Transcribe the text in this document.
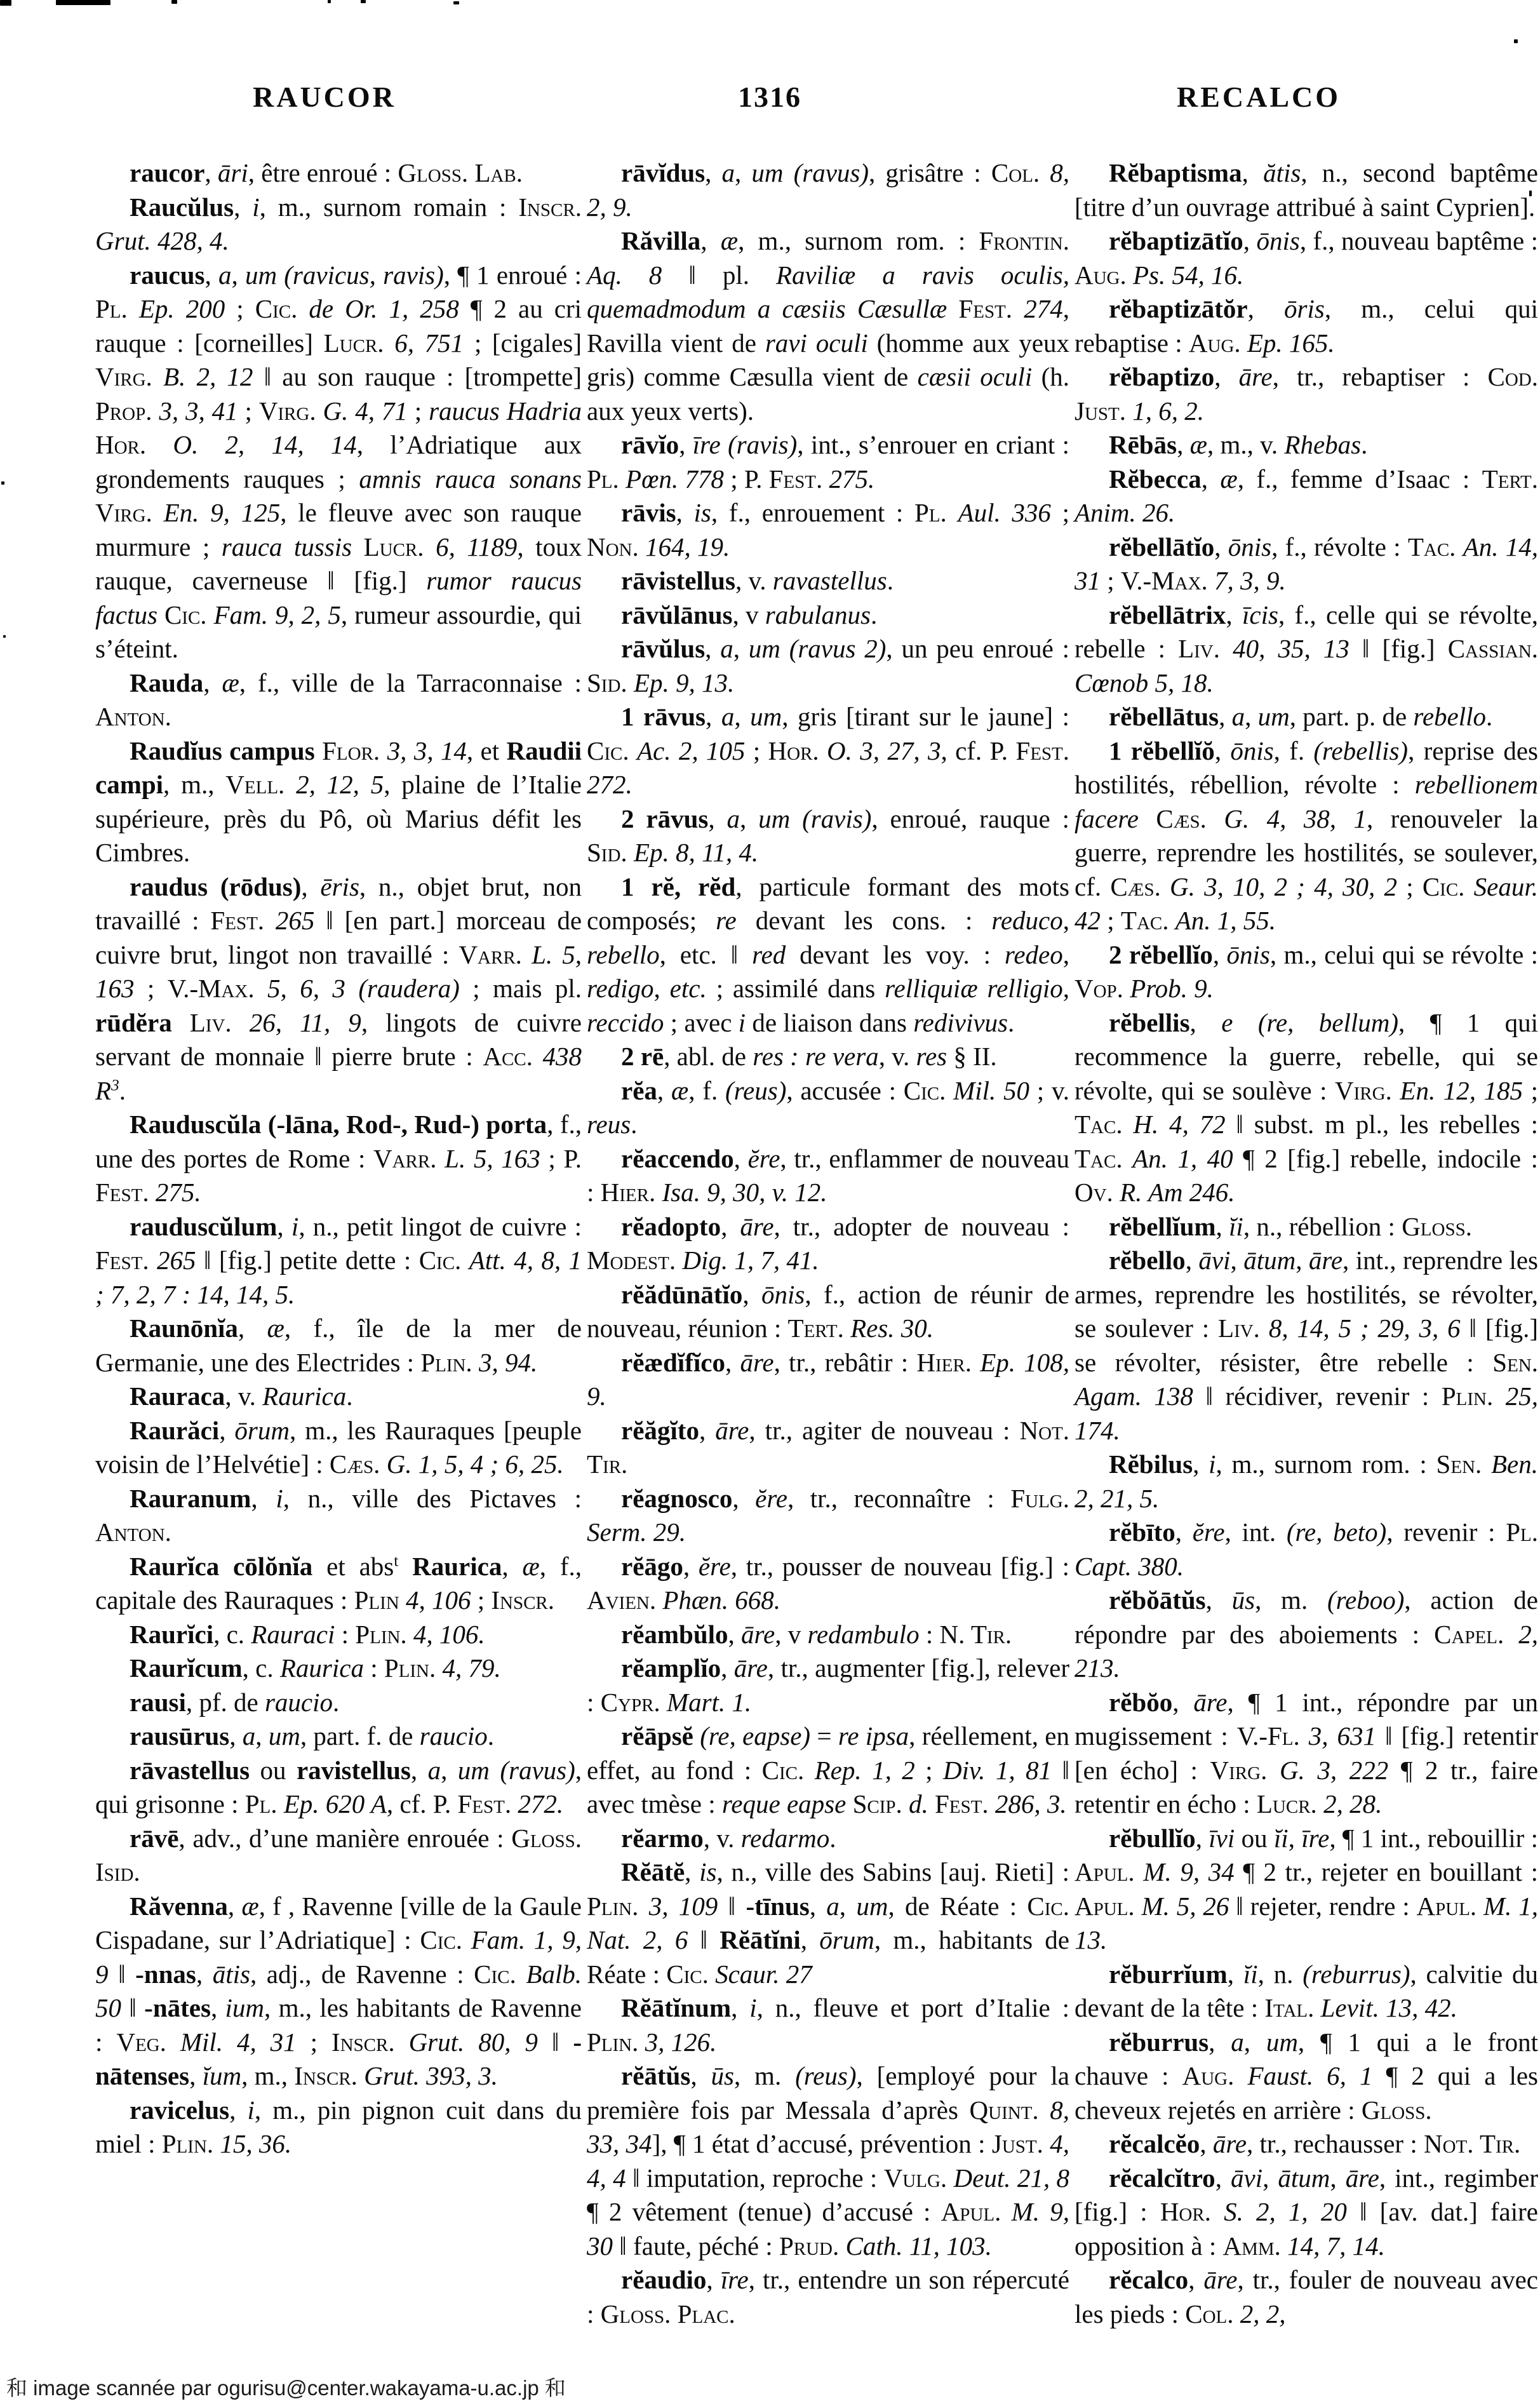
RAUCOR	1316	RECALCO

raucor, āri, être enroué : Gloss. Lab.

Raucŭlus, i, m., surnom romain : Inscr. Grut. 428, 4.

raucus, a, um (ravicus, ravis), ¶ 1 enroué : Pl. Ep. 200 ; Cic. de Or. 1, 258 ¶ 2 au cri rauque : [corneilles] Lucr. 6, 751 ; [cigales] Virg. B. 2, 12 ‖ au son rauque : [trompette] Prop. 3, 3, 41 ; Virg. G. 4, 71 ; raucus Hadria Hor. O. 2, 14, 14, l’Adriatique aux grondements rauques ; amnis rauca sonans Virg. En. 9, 125, le fleuve avec son rauque murmure ; rauca tussis Lucr. 6, 1189, toux rauque, caverneuse ‖ [fig.] rumor raucus factus Cic. Fam. 9, 2, 5, rumeur assourdie, qui s’éteint.

Rauda, æ, f., ville de la Tarraconnaise : Anton.

Raudĭus campus Flor. 3, 3, 14, et Raudii campi, m., Vell. 2, 12, 5, plaine de l’Italie supérieure, près du Pô, où Marius défit les Cimbres.

raudus (rōdus), ēris, n., objet brut, non travaillé : Fest. 265 ‖ [en part.] morceau de cuivre brut, lingot non travaillé : Varr. L. 5, 163 ; V.-Max. 5, 6, 3 (raudera) ; mais pl. rūdĕra Liv. 26, 11, 9, lingots de cuivre servant de monnaie ‖ pierre brute : Acc. 438 $R^3$.

Rauduscŭla (-lāna, Rod-, Rud-) porta, f., une des portes de Rome : Varr. L. 5, 163 ; P. Fest. 275.

rauduscŭlum, i, n., petit lingot de cuivre : Fest. 265 ‖ [fig.] petite dette : Cic. Att. 4, 8, 1 ; 7, 2, 7 : 14, 14, 5.

Raunōnĭa, æ, f., île de la mer de Germanie, une des Electrides : Plin. 3, 94.

Rauraca, v. Raurica.

Raurăci, ōrum, m., les Rauraques [peuple voisin de l’Helvétie] : Cæs. G. 1, 5, 4 ; 6, 25.

Rauranum, i, n., ville des Pictaves : Anton.

Raurĭca cōlŏnĭa et abs$^t$ Raurica, æ, f., capitale des Rauraques : Plin 4, 106 ; Inscr.

Raurĭci, c. Rauraci : Plin. 4, 106.

Raurĭcum, c. Raurica : Plin. 4, 79.

rausi, pf. de raucio.

rausūrus, a, um, part. f. de raucio.

rāvastellus ou ravistellus, a, um (ravus), qui grisonne : Pl. Ep. 620 A, cf. P. Fest. 272.

rāvē, adv., d’une manière enrouée : Gloss. Isid.

Răvenna, æ, f , Ravenne [ville de la Gaule Cispadane, sur l’Adriatique] : Cic. Fam. 1, 9, 9 ‖ -nnas, ātis, adj., de Ravenne : Cic. Balb. 50 ‖ -nātes, ium, m., les habitants de Ravenne : Veg. Mil. 4, 31 ; Inscr. Grut. 80, 9 ‖ -nātenses, ĭum, m., Inscr. Grut. 393, 3.

ravicelus, i, m., pin pignon cuit dans du miel : Plin. 15, 36.

rāvĭdus, a, um (ravus), grisâtre : Col. 8, 2, 9.

Răvilla, æ, m., surnom rom. : Frontin. Aq. 8 ‖ pl. Raviliæ a ravis oculis, quemadmodum a cæsiis Cæsullæ Fest. 274, Ravilla vient de ravi oculi (homme aux yeux gris) comme Cæsulla vient de cæsii oculi (h. aux yeux verts).

rāvĭo, īre (ravis), int., s’enrouer en criant : Pl. Pœn. 778 ; P. Fest. 275.

rāvis, is, f., enrouement : Pl. Aul. 336 ; Non. 164, 19.

rāvistellus, v. ravastellus.

rāvŭlānus, v rabulanus.

rāvŭlus, a, um (ravus 2), un peu enroué : Sid. Ep. 9, 13.

1 rāvus, a, um, gris [tirant sur le jaune] : Cic. Ac. 2, 105 ; Hor. O. 3, 27, 3, cf. P. Fest. 272.

2 rāvus, a, um (ravis), enroué, rauque : Sid. Ep. 8, 11, 4.

1 rĕ, rĕd, particule formant des mots composés; re devant les cons. : reduco, rebello, etc. ‖ red devant les voy. : redeo, redigo, etc. ; assimilé dans relliquiæ relligio, reccido ; avec i de liaison dans redivivus.

2 rē, abl. de res : re vera, v. res § II.

rĕa, æ, f. (reus), accusée : Cic. Mil. 50 ; v. reus.

rĕaccendo, ĕre, tr., enflammer de nouveau : Hier. Isa. 9, 30, v. 12.

rĕadopto, āre, tr., adopter de nouveau : Modest. Dig. 1, 7, 41.

rĕădūnātĭo, ōnis, f., action de réunir de nouveau, réunion : Tert. Res. 30.

rĕædĭfĭco, āre, tr., rebâtir : Hier. Ep. 108, 9.

rĕăgĭto, āre, tr., agiter de nouveau : Not. Tir.

rĕagnosco, ĕre, tr., reconnaître : Fulg. Serm. 29.

rĕāgo, ĕre, tr., pousser de nouveau [fig.] : Avien. Phæn. 668.

rĕambŭlo, āre, v redambulo : N. Tir.

rĕamplĭo, āre, tr., augmenter [fig.], relever : Cypr. Mart. 1.

rĕāpsĕ (re, eapse) = re ipsa, réellement, en effet, au fond : Cic. Rep. 1, 2 ; Div. 1, 81 ‖ avec tmèse : reque eapse Scip. d. Fest. 286, 3.

rĕarmo, v. redarmo.

Rĕātĕ, is, n., ville des Sabins [auj. Rieti] : Plin. 3, 109 ‖ -tīnus, a, um, de Réate : Cic. Nat. 2, 6 ‖ Rĕātĭni, ōrum, m., habitants de Réate : Cic. Scaur. 27

Rĕātĭnum, i, n., fleuve et port d’Italie : Plin. 3, 126.

rĕātŭs, ūs, m. (reus), [employé pour la première fois par Messala d’après Quint. 8, 33, 34], ¶ 1 état d’accusé, prévention : Just. 4, 4, 4 ‖ imputation, reproche : Vulg. Deut. 21, 8 ¶ 2 vêtement (tenue) d’accusé : Apul. M. 9, 30 ‖ faute, péché : Prud. Cath. 11, 103.

rĕaudio, īre, tr., entendre un son répercuté : Gloss. Plac.

Rĕbaptisma, ătis, n., second baptême [titre d’un ouvrage attribué à saint Cyprien].

rĕbaptizātĭo, ōnis, f., nouveau baptême : Aug. Ps. 54, 16.

rĕbaptizātŏr, ōris, m., celui qui rebaptise : Aug. Ep. 165.

rĕbaptizo, āre, tr., rebaptiser : Cod. Just. 1, 6, 2.

Rēbās, æ, m., v. Rhebas.

Rĕbecca, æ, f., femme d’Isaac : Tert. Anim. 26.

rĕbellātĭo, ōnis, f., révolte : Tac. An. 14, 31 ; V.-Max. 7, 3, 9.

rĕbellātrix, īcis, f., celle qui se révolte, rebelle : Liv. 40, 35, 13 ‖ [fig.] Cassian. Cœnob 5, 18.

rĕbellātus, a, um, part. p. de rebello.

1 rĕbellĭŏ, ōnis, f. (rebellis), reprise des hostilités, rébellion, révolte : rebellionem facere Cæs. G. 4, 38, 1, renouveler la guerre, reprendre les hostilités, se soulever, cf. Cæs. G. 3, 10, 2 ; 4, 30, 2 ; Cic. Seaur. 42 ; Tac. An. 1, 55.

2 rĕbellĭo, ōnis, m., celui qui se révolte : Vop. Prob. 9.

rĕbellis, e (re, bellum), ¶ 1 qui recommence la guerre, rebelle, qui se révolte, qui se soulève : Virg. En. 12, 185 ; Tac. H. 4, 72 ‖ subst. m pl., les rebelles : Tac. An. 1, 40 ¶ 2 [fig.] rebelle, indocile : Ov. R. Am 246.

rĕbellĭum, ĭi, n., rébellion : Gloss.

rĕbello, āvi, ātum, āre, int., reprendre les armes, reprendre les hostilités, se révolter, se soulever : Liv. 8, 14, 5 ; 29, 3, 6 ‖ [fig.] se révolter, résister, être rebelle : Sen. Agam. 138 ‖ récidiver, revenir : Plin. 25, 174.

Rĕbilus, i, m., surnom rom. : Sen. Ben. 2, 21, 5.

rĕbīto, ĕre, int. (re, beto), revenir : Pl. Capt. 380.

rĕbŏātŭs, ūs, m. (reboo), action de répondre par des aboiements : Capel. 2, 213.

rĕbŏo, āre, ¶ 1 int., répondre par un mugissement : V.-Fl. 3, 631 ‖ [fig.] retentir [en écho] : Virg. G. 3, 222 ¶ 2 tr., faire retentir en écho : Lucr. 2, 28.

rĕbullĭo, īvi ou ĭi, īre, ¶ 1 int., rebouillir : Apul. M. 9, 34 ¶ 2 tr., rejeter en bouillant : Apul. M. 5, 26 ‖ rejeter, rendre : Apul. M. 1, 13.

rĕburrĭum, ĭi, n. (reburrus), calvitie du devant de la tête : Ital. Levit. 13, 42.

rĕburrus, a, um, ¶ 1 qui a le front chauve : Aug. Faust. 6, 1 ¶ 2 qui a les cheveux rejetés en arrière : Gloss.

rĕcalcĕo, āre, tr., rechausser : Not. Tir.

rĕcalcĭtro, āvi, ātum, āre, int., regimber [fig.] : Hor. S. 2, 1, 20 ‖ [av. dat.] faire opposition à : Amm. 14, 7, 14.

rĕcalco, āre, tr., fouler de nouveau avec les pieds : Col. 2, 2,

和 image scannée par ogurisu@center.wakayama-u.ac.jp 和
